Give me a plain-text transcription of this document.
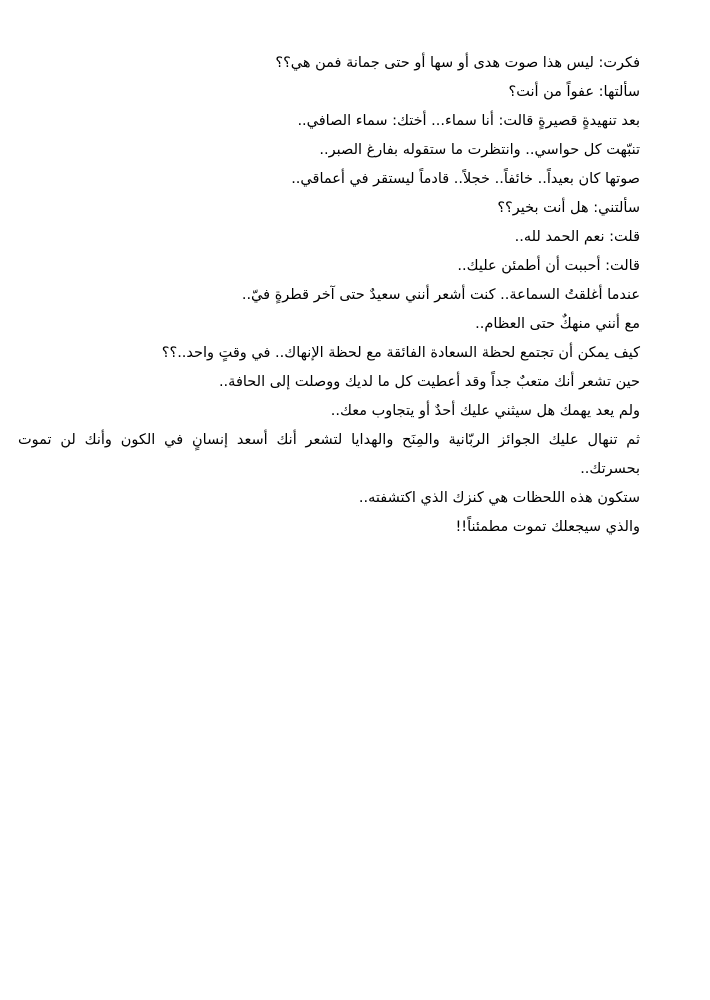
فكرت: ليس هذا صوت هدى أو سها أو حتى جمانة فمن هي؟؟

سألتها: عفواً من أنت؟

بعد تنهيدةٍ قصيرةٍ قالت: أنا سماء... أختك: سماء الصافي..

تنبّهت كل حواسي.. وانتظرت ما ستقوله بفارغ الصبر..

صوتها كان بعيداً.. خائفاً.. خجلاً.. قادماً ليستقر في أعماقي..

سألتني: هل أنت بخير؟؟

قلت: نعم الحمد لله..

قالت: أحببت أن أطمئن عليك..

عندما أغلقتُ السماعة.. كنت أشعر أنني سعيدٌ حتى آخر قطرةٍ فيّ..

مع أنني منهكٌ حتى العظام..

كيف يمكن أن تجتمع لحظة السعادة الفائقة مع لحظة الإنهاك.. في وقتٍ واحد..؟؟

حين تشعر أنك متعبٌ جداً وقد أعطيت كل ما لديك ووصلت إلى الحافة..

ولم يعد يهمك هل سيثني عليك أحدٌ أو يتجاوب معك..

ثم تنهال عليك الجوائز الربّانية والمِنَح والهدايا لتشعر أنك أسعد إنسانٍ في الكون وأنك لن تموت بحسرتك..

ستكون هذه اللحظات هي كنزك الذي اكتشفته..

والذي سيجعلك تموت مطمئناً!!
